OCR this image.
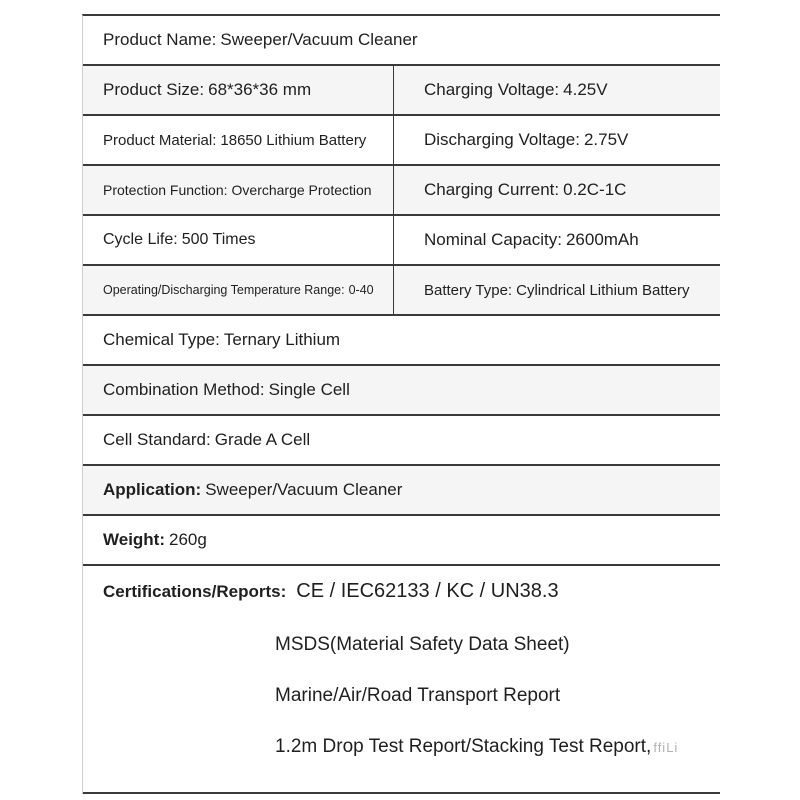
Product Name: Sweeper/Vacuum Cleaner
Product Size: 68*36*36 mm	Charging Voltage: 4.25V
Product Material: 18650 Lithium Battery	Discharging Voltage: 2.75V
Protection Function: Overcharge Protection	Charging Current: 0.2C-1C
Cycle Life: 500 Times	Nominal Capacity: 2600mAh
Operating/Discharging Temperature Range: 0-40	Battery Type: Cylindrical Lithium Battery
Chemical Type: Ternary Lithium
Combination Method: Single Cell
Cell Standard: Grade A Cell
Application: Sweeper/Vacuum Cleaner
Weight: 260g
Certifications/Reports: CE / IEC62133 / KC / UN38.3
MSDS(Material Safety Data Sheet)
Marine/Air/Road Transport Report
1.2m Drop Test Report/Stacking Test Report, ffiLi
